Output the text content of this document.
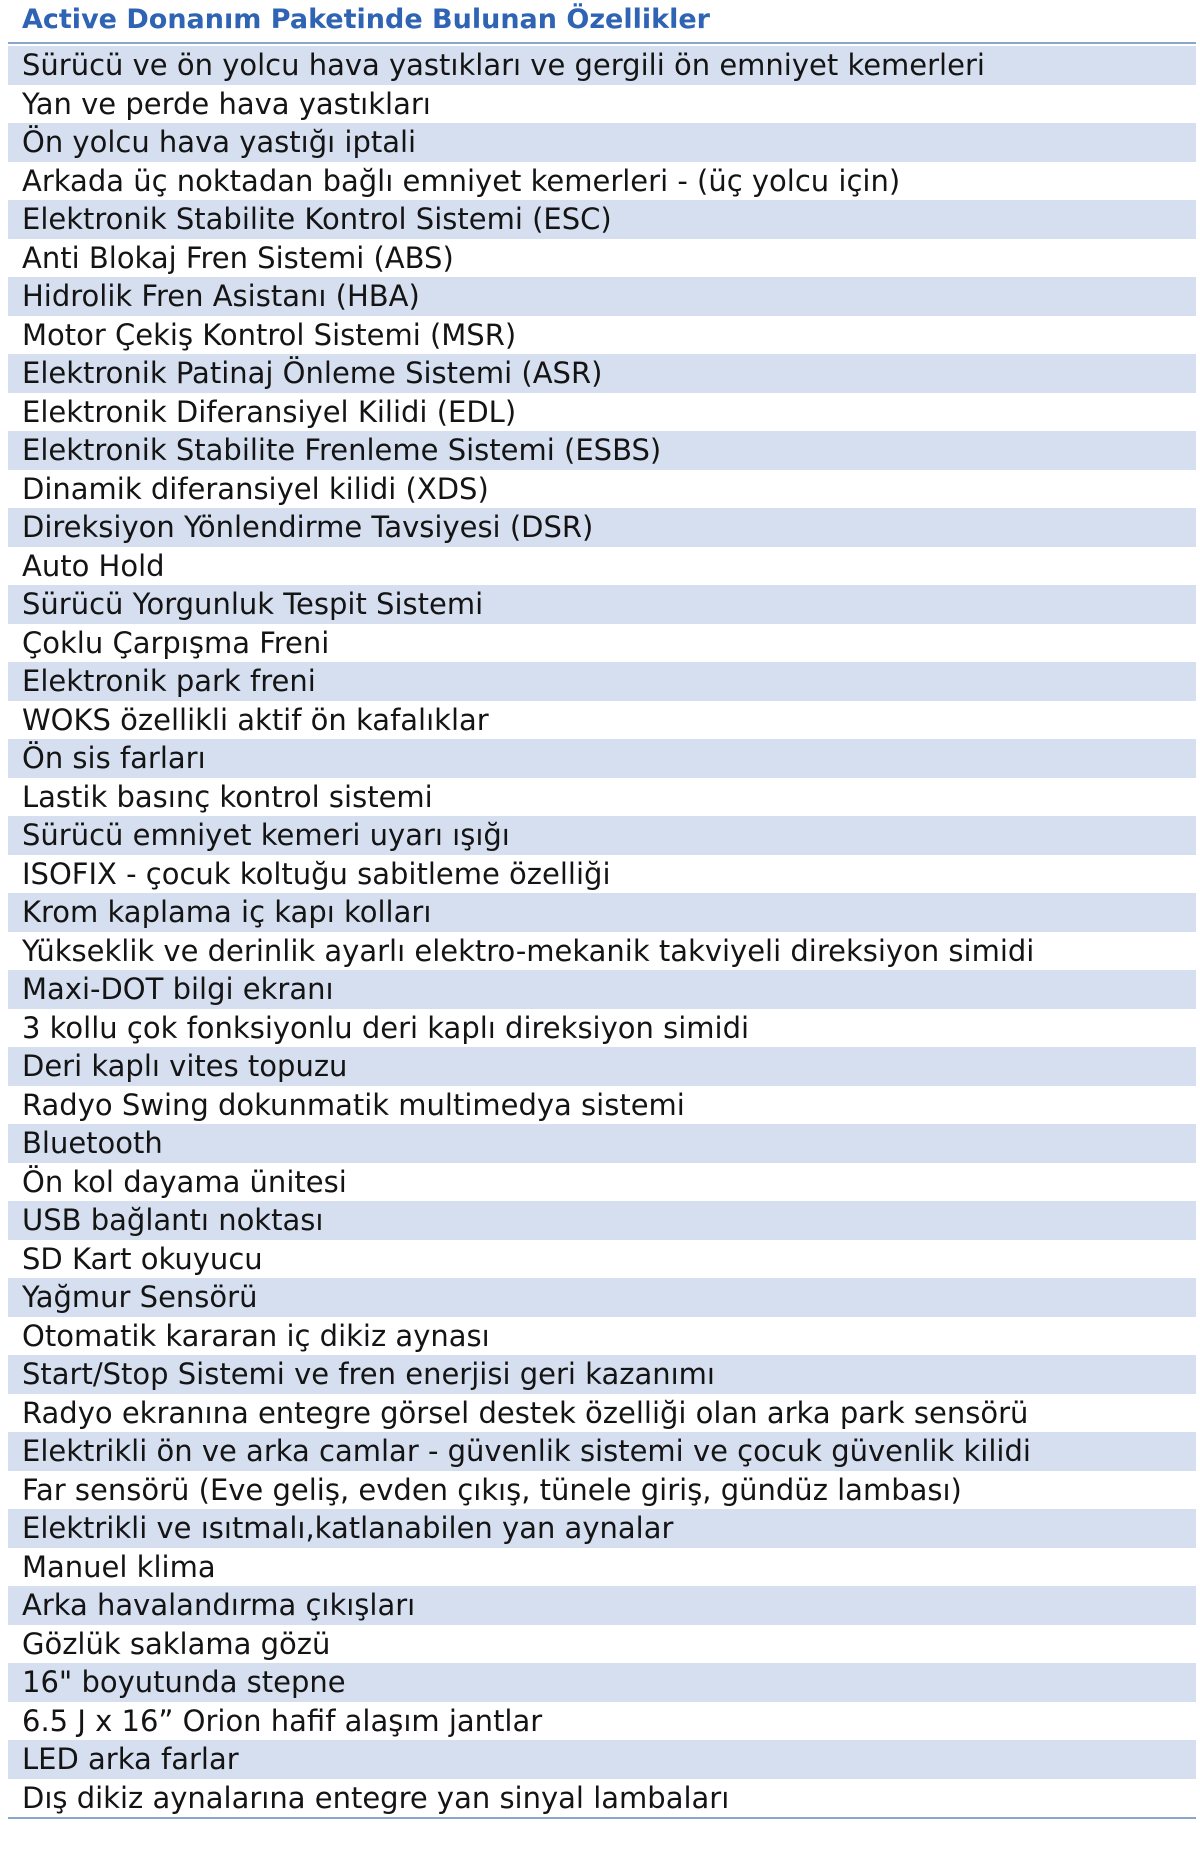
Active Donanım Paketinde Bulunan Özellikler
Sürücü ve ön yolcu hava yastıkları ve gergili ön emniyet kemerleri
Yan ve perde hava yastıkları
Ön yolcu hava yastığı iptali
Arkada üç noktadan bağlı emniyet kemerleri - (üç yolcu için)
Elektronik Stabilite Kontrol Sistemi (ESC)
Anti Blokaj Fren Sistemi (ABS)
Hidrolik Fren Asistanı (HBA)
Motor Çekiş Kontrol Sistemi (MSR)
Elektronik Patinaj Önleme Sistemi (ASR)
Elektronik Diferansiyel Kilidi (EDL)
Elektronik Stabilite Frenleme Sistemi (ESBS)
Dinamik diferansiyel kilidi (XDS)
Direksiyon Yönlendirme Tavsiyesi (DSR)
Auto Hold
Sürücü Yorgunluk Tespit Sistemi
Çoklu Çarpışma Freni
Elektronik park freni
WOKS özellikli aktif ön kafalıklar
Ön sis farları
Lastik basınç kontrol sistemi
Sürücü emniyet kemeri uyarı ışığı
ISOFIX - çocuk koltuğu sabitleme özelliği
Krom kaplama iç kapı kolları
Yükseklik ve derinlik ayarlı elektro-mekanik takviyeli direksiyon simidi
Maxi-DOT bilgi ekranı
3 kollu çok fonksiyonlu deri kaplı direksiyon simidi
Deri kaplı vites topuzu
Radyo Swing dokunmatik multimedya sistemi
Bluetooth
Ön kol dayama ünitesi
USB bağlantı noktası
SD Kart okuyucu
Yağmur Sensörü
Otomatik kararan iç dikiz aynası
Start/Stop Sistemi ve fren enerjisi geri kazanımı
Radyo ekranına entegre görsel destek özelliği olan arka park sensörü
Elektrikli ön ve arka camlar - güvenlik sistemi ve çocuk güvenlik kilidi
Far sensörü (Eve geliş, evden çıkış, tünele giriş, gündüz lambası)
Elektrikli ve ısıtmalı,katlanabilen yan aynalar
Manuel klima
Arka havalandırma çıkışları
Gözlük saklama gözü
16" boyutunda stepne
6.5 J x 16” Orion hafif alaşım jantlar
LED arka farlar
Dış dikiz aynalarına entegre yan sinyal lambaları
